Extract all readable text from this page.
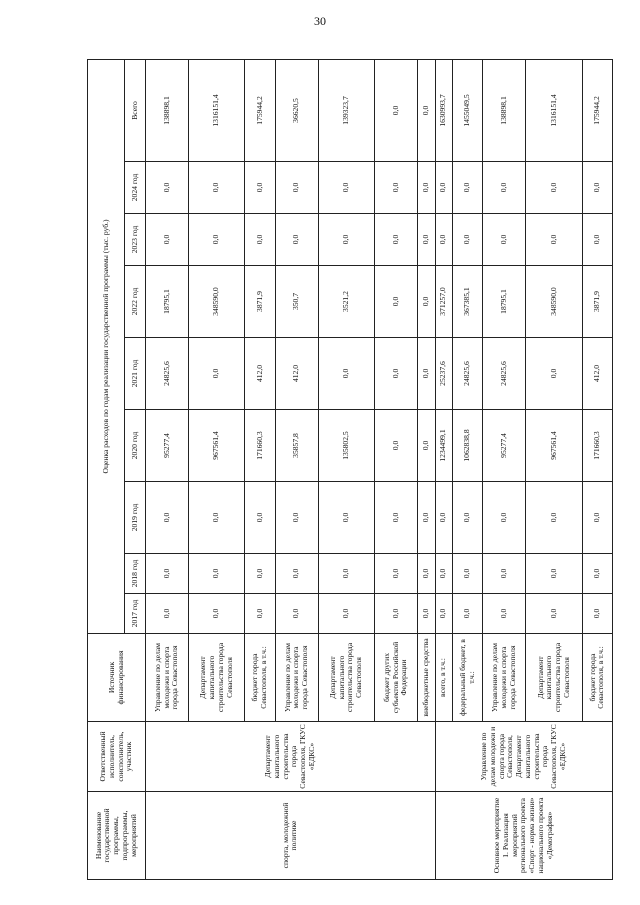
30
Наименование государственной программы, подпрограммы, мероприятий	Ответственный исполнитель, соисполнитель, участник	Источник финансирования	Оценка расходов по годам реализации государственной программы (тыс. руб.)								
			2017 год	2018 год	2019 год	2020 год	2021 год	2022 год	2023 год	2024 год	Всего
спорта, молодежной политике	Департамент капитального строительства города Севастополя, ГКУС «ЕДКС»	Управление по делам молодежи и спорта города Севастополя	0,0	0,0	0,0	95277,4	24825,6	18795,1	0,0	0,0	138898,1
		Департамент капитального строительства города Севастополя	0,0	0,0	0,0	967561,4	0,0	348590,0	0,0	0,0	1316151,4
		бюджет города Севастополя, в т.ч.:	0,0	0,0	0,0	171660,3	412,0	3871,9	0,0	0,0	175944,2
		Управление по делам молодежи и спорта города Севастополя	0,0	0,0	0,0	35857,8	412,0	350,7	0,0	0,0	36620,5
		Департамент капитального строительства города Севастополя	0,0	0,0	0,0	135802,5	0,0	3521,2	0,0	0,0	139323,7
		бюджет других субъектов Российской Федерации	0,0	0,0	0,0	0,0	0,0	0,0	0,0	0,0	0,0
		внебюджетные средства	0,0	0,0	0,0	0,0	0,0	0,0	0,0	0,0	0,0
Основное мероприятие 1. Реализация мероприятий регионального проекта «Спорт - норма жизни» национального проекта «Демография»	Управление по делам молодежи и спорта города Севастополя, Департамент капитального строительства города Севастополя, ГКУС «ЕДКС»	всего, в т.ч.:	0,0	0,0	0,0	1234499,1	25237,6	371257,0	0,0	0,0	1630993,7
		федеральный бюджет, в т.ч.:	0,0	0,0	0,0	1062838,8	24825,6	367385,1	0,0	0,0	1455049,5
		Управление по делам молодежи и спорта города Севастополя	0,0	0,0	0,0	95277,4	24825,6	18795,1	0,0	0,0	138898,1
		Департамент капитального строительства города Севастополя	0,0	0,0	0,0	967561,4	0,0	348590,0	0,0	0,0	1316151,4
		бюджет города Севастополя, в т.ч.:	0,0	0,0	0,0	171660,3	412,0	3871,9	0,0	0,0	175944,2
